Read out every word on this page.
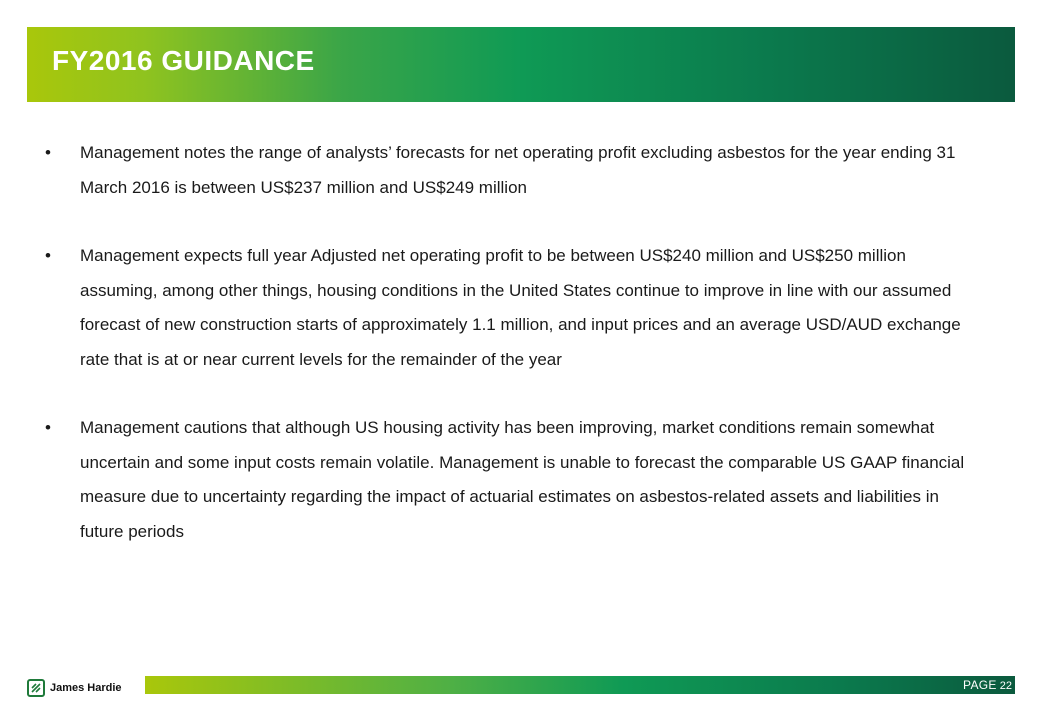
FY2016 GUIDANCE
•	Management notes the range of analysts’ forecasts for net operating profit excluding asbestos for the year ending 31 March 2016 is between US$237 million and US$249 million
•	Management expects full year Adjusted net operating profit to be between US$240 million and US$250 million assuming, among other things, housing conditions in the United States continue to improve in line with our assumed forecast of new construction starts of approximately 1.1 million, and input prices and an average USD/AUD exchange rate that is at or near current levels for the remainder of the year
•	Management cautions that although US housing activity has been improving, market conditions remain somewhat uncertain and some input costs remain volatile. Management is unable to forecast the comparable US GAAP financial measure due to uncertainty regarding the impact of actuarial estimates on asbestos-related assets and liabilities in future periods
James Hardie	PAGE 22
